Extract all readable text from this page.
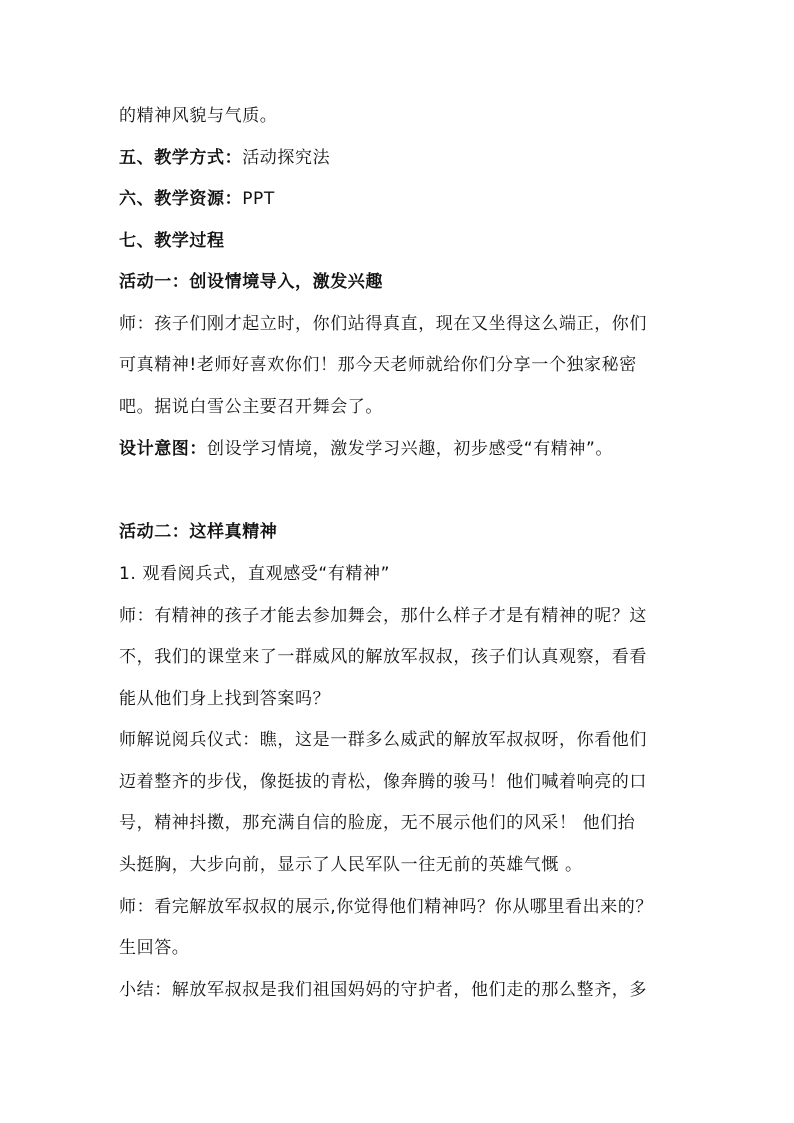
的精神风貌与气质。
五、教学方式：活动探究法
六、教学资源：PPT
七、教学过程
活动一：创设情境导入，激发兴趣
师：孩子们刚才起立时，你们站得真直，现在又坐得这么端正，你们
可真精神!老师好喜欢你们！那今天老师就给你们分享一个独家秘密
吧。据说白雪公主要召开舞会了。
设计意图：创设学习情境，激发学习兴趣，初步感受“有精神”。
活动二：这样真精神
1. 观看阅兵式，直观感受“有精神”
师：有精神的孩子才能去参加舞会，那什么样子才是有精神的呢？这
不，我们的课堂来了一群威风的解放军叔叔，孩子们认真观察，看看
能从他们身上找到答案吗？
师解说阅兵仪式：瞧，这是一群多么威武的解放军叔叔呀，你看他们
迈着整齐的步伐，像挺拔的青松，像奔腾的骏马！他们喊着响亮的口
号，精神抖擞，那充满自信的脸庞，无不展示他们的风采！ 他们抬
头挺胸，大步向前，显示了人民军队一往无前的英雄气慨 。
师：看完解放军叔叔的展示,你觉得他们精神吗？你从哪里看出来的？
生回答。
小结：解放军叔叔是我们祖国妈妈的守护者，他们走的那么整齐，多
